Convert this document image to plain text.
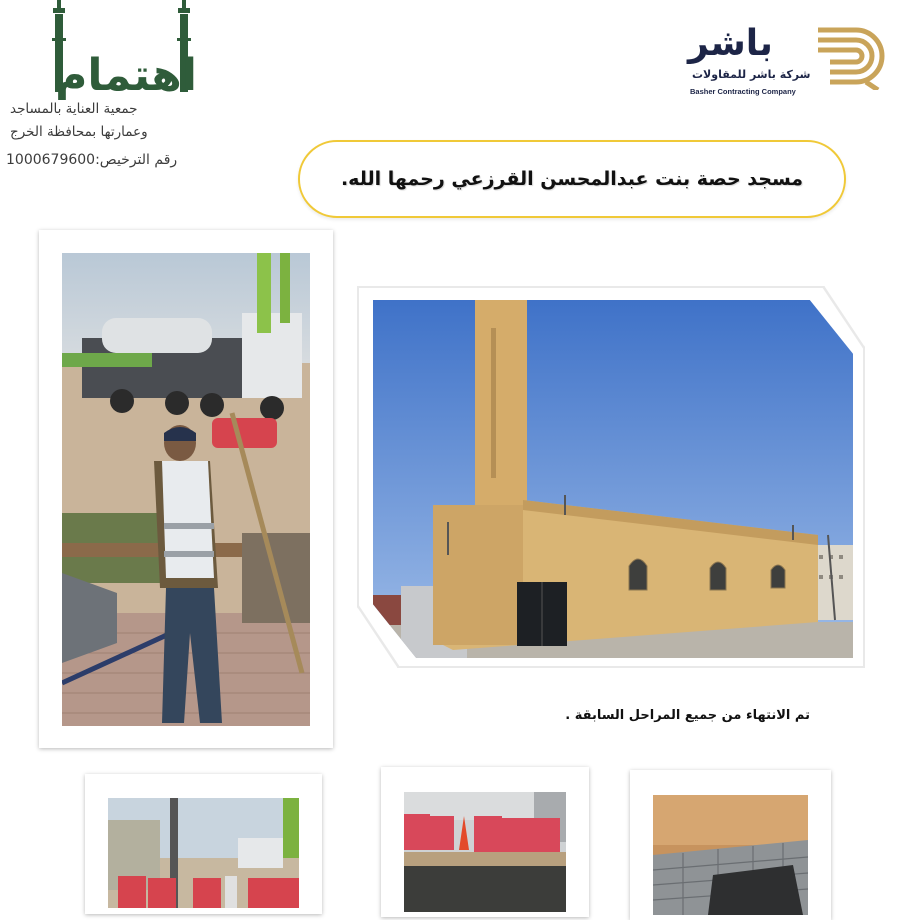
اهتمام
جمعية العناية بالمساجد
وعمارتها بمحافظة الخرج
رقم الترخيص:1000679600
باشر
شركة باشر للمقاولات
Basher Contracting Company
مسجد حصة بنت عبدالمحسن القرزعي رحمها الله.
تم الانتهاء من جميع المراحل السابقة .
